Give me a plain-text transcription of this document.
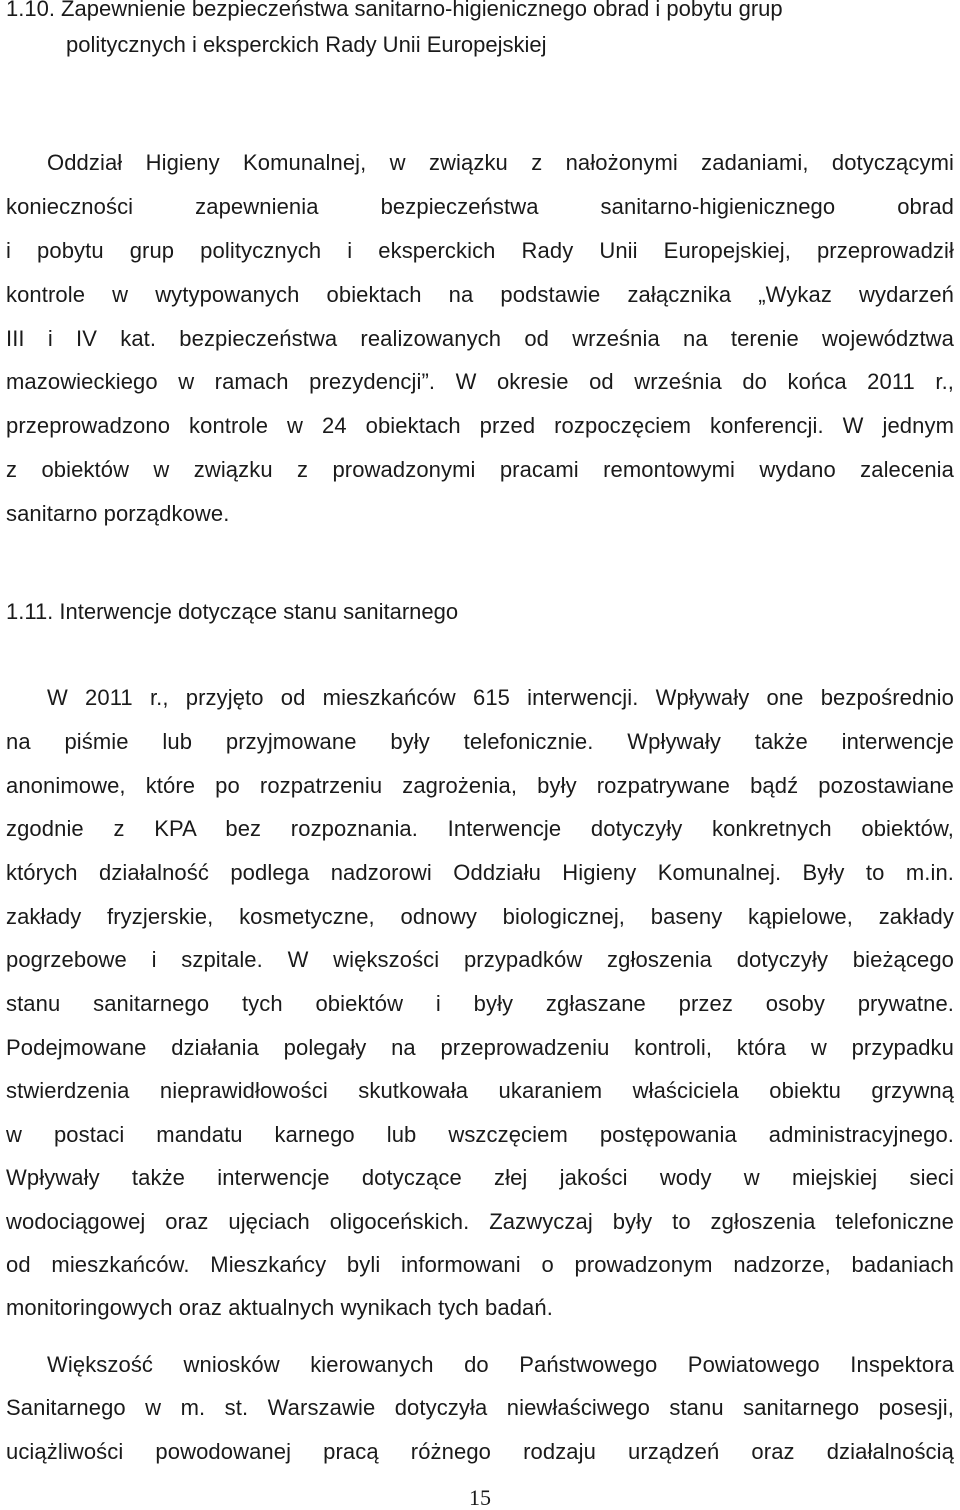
1.10. Zapewnienie bezpieczeństwa sanitarno-higienicznego obrad i pobytu grup
politycznych i eksperckich Rady Unii Europejskiej
Oddział Higieny Komunalnej, w związku z nałożonymi zadaniami, dotyczącymi
konieczności zapewnienia bezpieczeństwa sanitarno-higienicznego obrad
i pobytu grup politycznych i eksperckich Rady Unii Europejskiej, przeprowadził
kontrole w wytypowanych obiektach na podstawie załącznika „Wykaz wydarzeń
III i IV kat. bezpieczeństwa realizowanych od września na terenie województwa
mazowieckiego w ramach prezydencji”. W okresie od września do końca 2011 r.,
przeprowadzono kontrole w 24 obiektach przed rozpoczęciem konferencji. W jednym
z obiektów w związku z prowadzonymi pracami remontowymi wydano zalecenia
sanitarno porządkowe.
1.11. Interwencje dotyczące stanu sanitarnego
W 2011 r., przyjęto od mieszkańców 615 interwencji. Wpływały one bezpośrednio
na piśmie lub przyjmowane były telefonicznie. Wpływały także interwencje
anonimowe, które po rozpatrzeniu zagrożenia, były rozpatrywane bądź pozostawiane
zgodnie z KPA bez rozpoznania. Interwencje dotyczyły konkretnych obiektów,
których działalność podlega nadzorowi Oddziału Higieny Komunalnej. Były to m.in.
zakłady fryzjerskie, kosmetyczne, odnowy biologicznej, baseny kąpielowe, zakłady
pogrzebowe i szpitale. W większości przypadków zgłoszenia dotyczyły bieżącego
stanu sanitarnego tych obiektów i były zgłaszane przez osoby prywatne.
Podejmowane działania polegały na przeprowadzeniu kontroli, która w przypadku
stwierdzenia nieprawidłowości skutkowała ukaraniem właściciela obiektu grzywną
w postaci mandatu karnego lub wszczęciem postępowania administracyjnego.
Wpływały także interwencje dotyczące złej jakości wody w miejskiej sieci
wodociągowej oraz ujęciach oligoceńskich. Zazwyczaj były to zgłoszenia telefoniczne
od mieszkańców. Mieszkańcy byli informowani o prowadzonym nadzorze, badaniach
monitoringowych oraz aktualnych wynikach tych badań.
Większość wniosków kierowanych do Państwowego Powiatowego Inspektora
Sanitarnego w m. st. Warszawie dotyczyła niewłaściwego stanu sanitarnego posesji,
uciążliwości powodowanej pracą różnego rodzaju urządzeń oraz działalnością
15
